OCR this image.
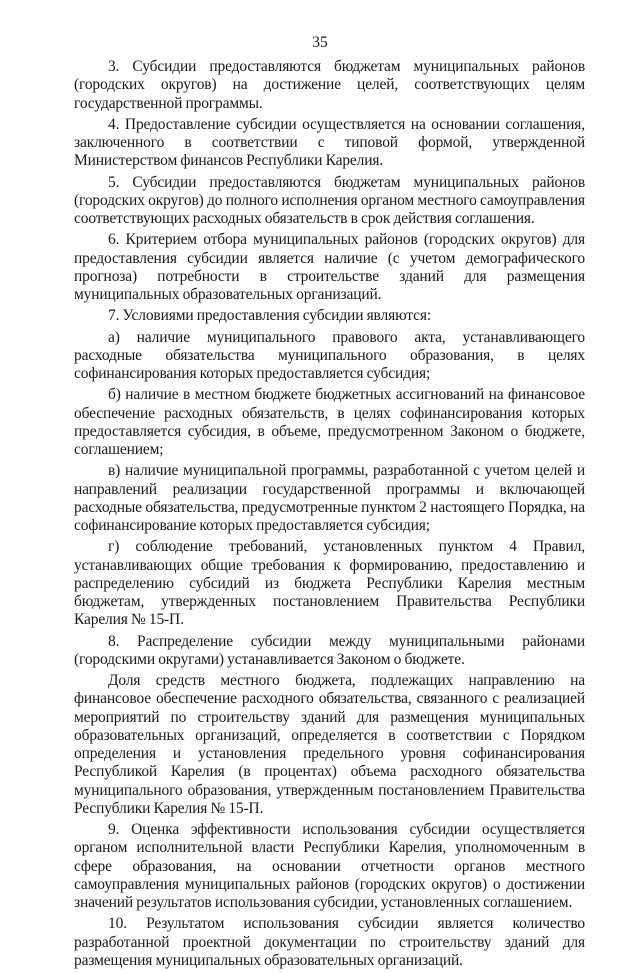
35

3. Субсидии предоставляются бюджетам муниципальных районов (городских округов) на достижение целей, соответствующих целям государственной программы.

4. Предоставление субсидии осуществляется на основании соглашения, заключенного в соответствии с типовой формой, утвержденной Министерством финансов Республики Карелия.

5. Субсидии предоставляются бюджетам муниципальных районов (городских округов) до полного исполнения органом местного самоуправления соответствующих расходных обязательств в срок действия соглашения.

6. Критерием отбора муниципальных районов (городских округов) для предоставления субсидии является наличие (с учетом демографического прогноза) потребности в строительстве зданий для размещения муниципальных образовательных организаций.

7. Условиями предоставления субсидии являются:

а) наличие муниципального правового акта, устанавливающего расходные обязательства муниципального образования, в целях софинансирования которых предоставляется субсидия;

б) наличие в местном бюджете бюджетных ассигнований на финансовое обеспечение расходных обязательств, в целях софинансирования которых предоставляется субсидия, в объеме, предусмотренном Законом о бюджете, соглашением;

в) наличие муниципальной программы, разработанной с учетом целей и направлений реализации государственной программы и включающей расходные обязательства, предусмотренные пунктом 2 настоящего Порядка, на софинансирование которых предоставляется субсидия;

г) соблюдение требований, установленных пунктом 4 Правил, устанавливающих общие требования к формированию, предоставлению и распределению субсидий из бюджета Республики Карелия местным бюджетам, утвержденных постановлением Правительства Республики Карелия № 15-П.

8. Распределение субсидии между муниципальными районами (городскими округами) устанавливается Законом о бюджете.

Доля средств местного бюджета, подлежащих направлению на финансовое обеспечение расходного обязательства, связанного с реализацией мероприятий по строительству зданий для размещения муниципальных образовательных организаций, определяется в соответствии с Порядком определения и установления предельного уровня софинансирования Республикой Карелия (в процентах) объема расходного обязательства муниципального образования, утвержденным постановлением Правительства Республики Карелия № 15-П.

9. Оценка эффективности использования субсидии осуществляется органом исполнительной власти Республики Карелия, уполномоченным в сфере образования, на основании отчетности органов местного самоуправления муниципальных районов (городских округов) о достижении значений результатов использования субсидии, установленных соглашением.

10. Результатом использования субсидии является количество разработанной проектной документации по строительству зданий для размещения муниципальных образовательных организаций.
